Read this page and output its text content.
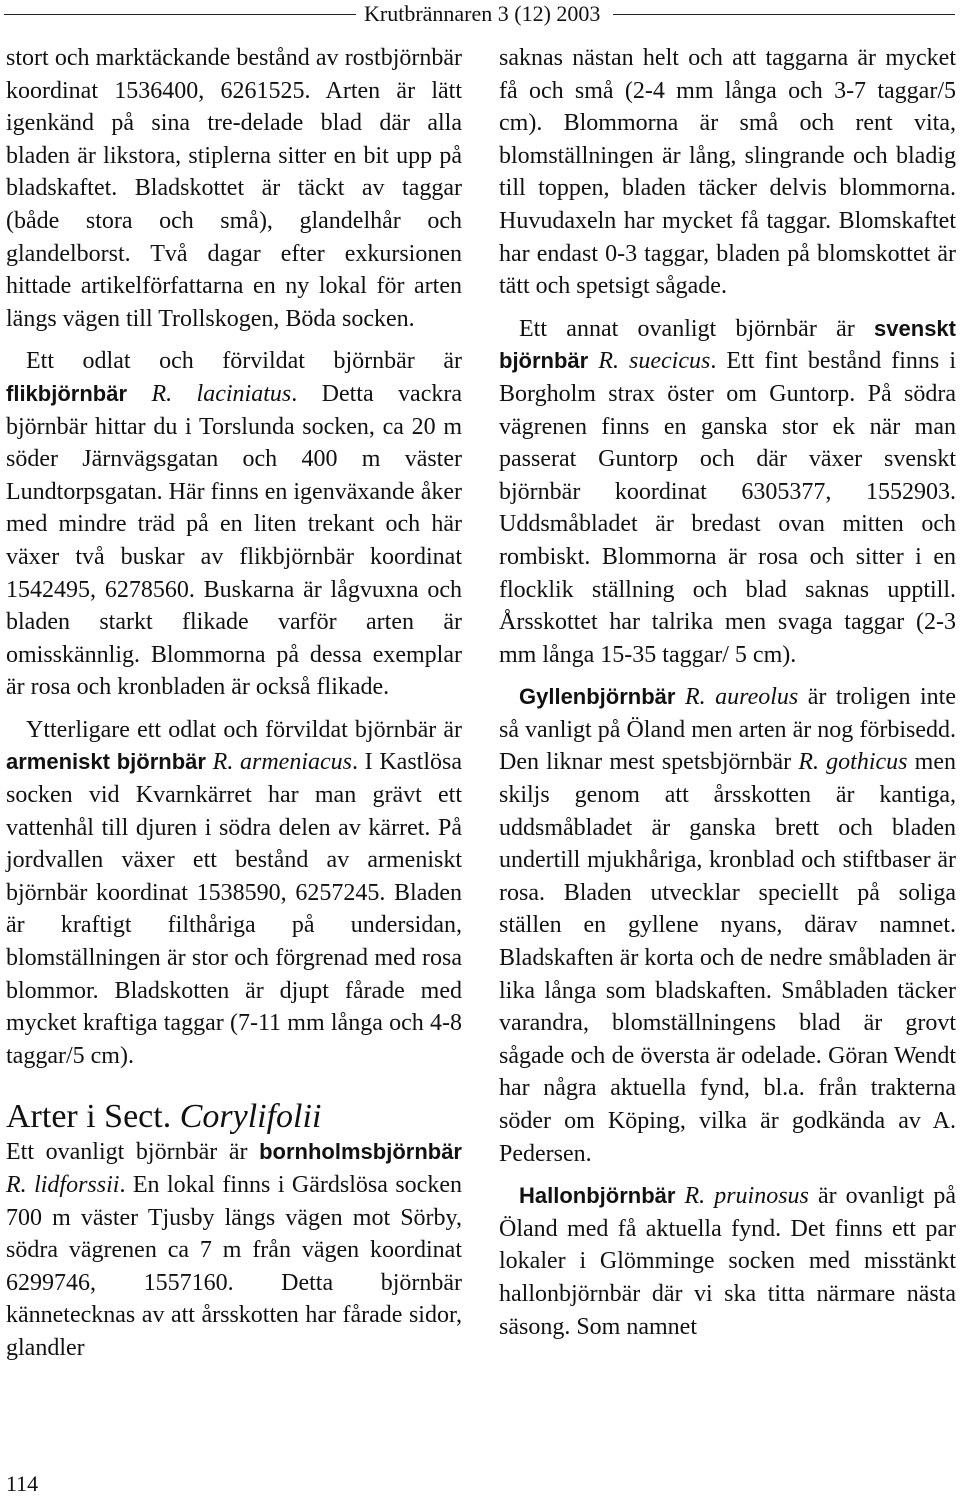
Krutbrännaren 3 (12) 2003

stort och marktäckande bestånd av rostbjörnbär koordinat 1536400, 6261525. Arten är lätt igenkänd på sina tre-delade blad där alla bladen är likstora, stiplerna sitter en bit upp på bladskaftet. Bladskottet är täckt av taggar (både stora och små), glandelhår och glandelborst. Två dagar efter exkursionen hittade artikelförfattarna en ny lokal för arten längs vägen till Trollskogen, Böda socken.

Ett odlat och förvildat björnbär är flikbjörnbär R. laciniatus. Detta vackra björnbär hittar du i Torslunda socken, ca 20 m söder Järnvägsgatan och 400 m väster Lundtorpsgatan. Här finns en igenväxande åker med mindre träd på en liten trekant och här växer två buskar av flikbjörnbär koordinat 1542495, 6278560. Buskarna är lågvuxna och bladen starkt flikade varför arten är omisskännlig. Blommorna på dessa exemplar är rosa och kronbladen är också flikade.

Ytterligare ett odlat och förvildat björnbär är armeniskt björnbär R. armeniacus. I Kastlösa socken vid Kvarnkärret har man grävt ett vattenhål till djuren i södra delen av kärret. På jordvallen växer ett bestånd av armeniskt björnbär koordinat 1538590, 6257245. Bladen är kraftigt filthåriga på undersidan, blomställningen är stor och förgrenad med rosa blommor. Bladskotten är djupt fårade med mycket kraftiga taggar (7-11 mm långa och 4-8 taggar/5 cm).

Arter i Sect. Corylifolii

Ett ovanligt björnbär är bornholmsbjörnbär R. lidforssii. En lokal finns i Gärdslösa socken 700 m väster Tjusby längs vägen mot Sörby, södra vägrenen ca 7 m från vägen koordinat 6299746, 1557160. Detta björnbär kännetecknas av att årsskotten har fårade sidor, glandler

saknas nästan helt och att taggarna är mycket få och små (2-4 mm långa och 3-7 taggar/5 cm). Blommorna är små och rent vita, blomställningen är lång, slingrande och bladig till toppen, bladen täcker delvis blommorna. Huvudaxeln har mycket få taggar. Blomskaftet har endast 0-3 taggar, bladen på blomskottet är tätt och spetsigt sågade.

Ett annat ovanligt björnbär är svenskt björnbär R. suecicus. Ett fint bestånd finns i Borgholm strax öster om Guntorp. På södra vägrenen finns en ganska stor ek när man passerat Guntorp och där växer svenskt björnbär koordinat 6305377, 1552903. Uddsmåbladet är bredast ovan mitten och rombiskt. Blommorna är rosa och sitter i en flocklik ställning och blad saknas upptill. Årsskottet har talrika men svaga taggar (2-3 mm långa 15-35 taggar/ 5 cm).

Gyllenbjörnbär R. aureolus är troligen inte så vanligt på Öland men arten är nog förbisedd. Den liknar mest spetsbjörnbär R. gothicus men skiljs genom att årsskotten är kantiga, uddsmåbladet är ganska brett och bladen undertill mjukhåriga, kronblad och stiftbaser är rosa. Bladen utvecklar speciellt på soliga ställen en gyllene nyans, därav namnet. Bladskaften är korta och de nedre småbladen är lika långa som bladskaften. Småbladen täcker varandra, blomställningens blad är grovt sågade och de översta är odelade. Göran Wendt har några aktuella fynd, bl.a. från trakterna söder om Köping, vilka är godkända av A. Pedersen.

Hallonbjörnbär R. pruinosus är ovanligt på Öland med få aktuella fynd. Det finns ett par lokaler i Glömminge socken med misstänkt hallonbjörnbär där vi ska titta närmare nästa säsong. Som namnet

114
